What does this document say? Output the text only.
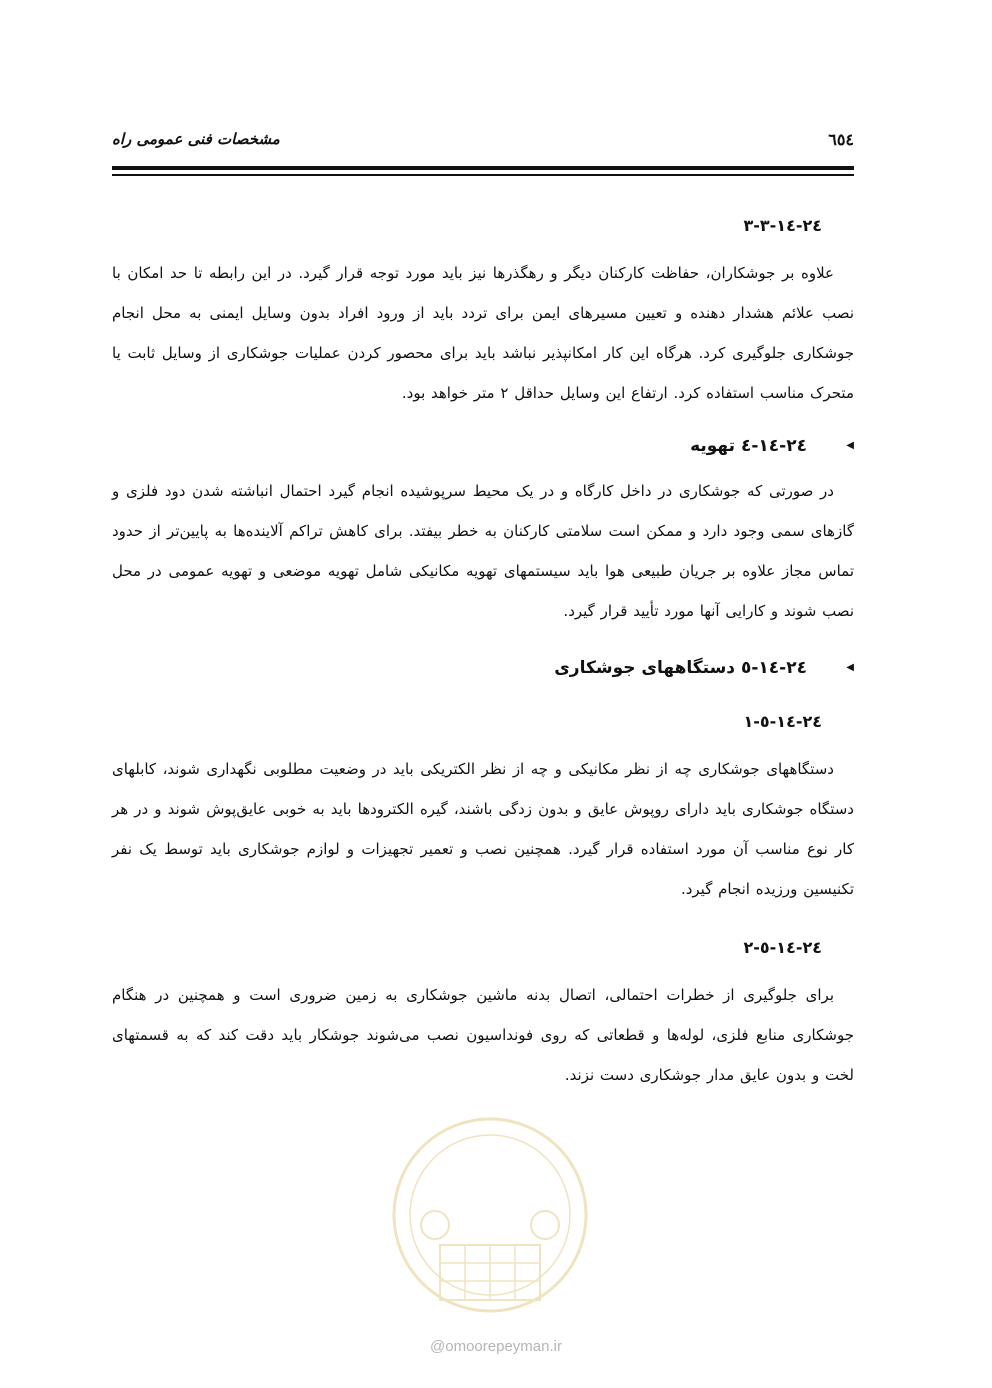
مشخصات فنی عمومی راه	٦٥٤
٢٤-١٤-٣-٣

علاوه بر جوشکاران، حفاظت کارکنان دیگر و رهگذرها نیز باید مورد توجه قرار گیرد. در این رابطه تا حد امکان با نصب علائم هشدار دهنده و تعیین مسیرهای ایمن برای تردد باید از ورود افراد بدون وسایل ایمنی به محل انجام جوشکاری جلوگیری کرد. هرگاه این کار امکانپذیر نباشد باید برای محصور کردن عملیات جوشکاری از وسایل ثابت یا متحرک مناسب استفاده کرد. ارتفاع این وسایل حداقل ۲ متر خواهد بود.

◀
٢٤-١٤-٤ تهویه

در صورتی که جوشکاری در داخل کارگاه و در یک محیط سرپوشیده انجام گیرد احتمال انباشته شدن دود فلزی و گازهای سمی وجود دارد و ممکن است سلامتی کارکنان به خطر بیفتد. برای کاهش تراکم آلاینده‌ها به پایین‌تر از حدود تماس مجاز علاوه بر جریان طبیعی هوا باید سیستمهای تهویه مکانیکی شامل تهویه موضعی و تهویه عمومی در محل نصب شوند و کارایی آنها مورد تأیید قرار گیرد.

◀
٢٤-١٤-٥ دستگاههای جوشکاری
٢٤-١٤-٥-١

دستگاههای جوشکاری چه از نظر مکانیکی و چه از نظر الکتریکی باید در وضعیت مطلوبی نگهداری شوند، کابلهای دستگاه جوشکاری باید دارای روپوش عایق و بدون زدگی باشند، گیره الکترودها باید به خوبی عایق‌پوش شوند و در هر کار نوع مناسب آن مورد استفاده قرار گیرد. همچنین نصب و تعمیر تجهیزات و لوازم جوشکاری باید توسط یک نفر تکنیسین ورزیده انجام گیرد.

٢٤-١٤-٥-٢

برای جلوگیری از خطرات احتمالی، اتصال بدنه ماشین جوشکاری به زمین ضروری است و همچنین در هنگام جوشکاری منابع فلزی، لوله‌ها و قطعاتی که روی فونداسیون نصب می‌شوند جوشکار باید دقت کند که به قسمتهای لخت و بدون عایق مدار جوشکاری دست نزند.

@omoorepeyman.ir
